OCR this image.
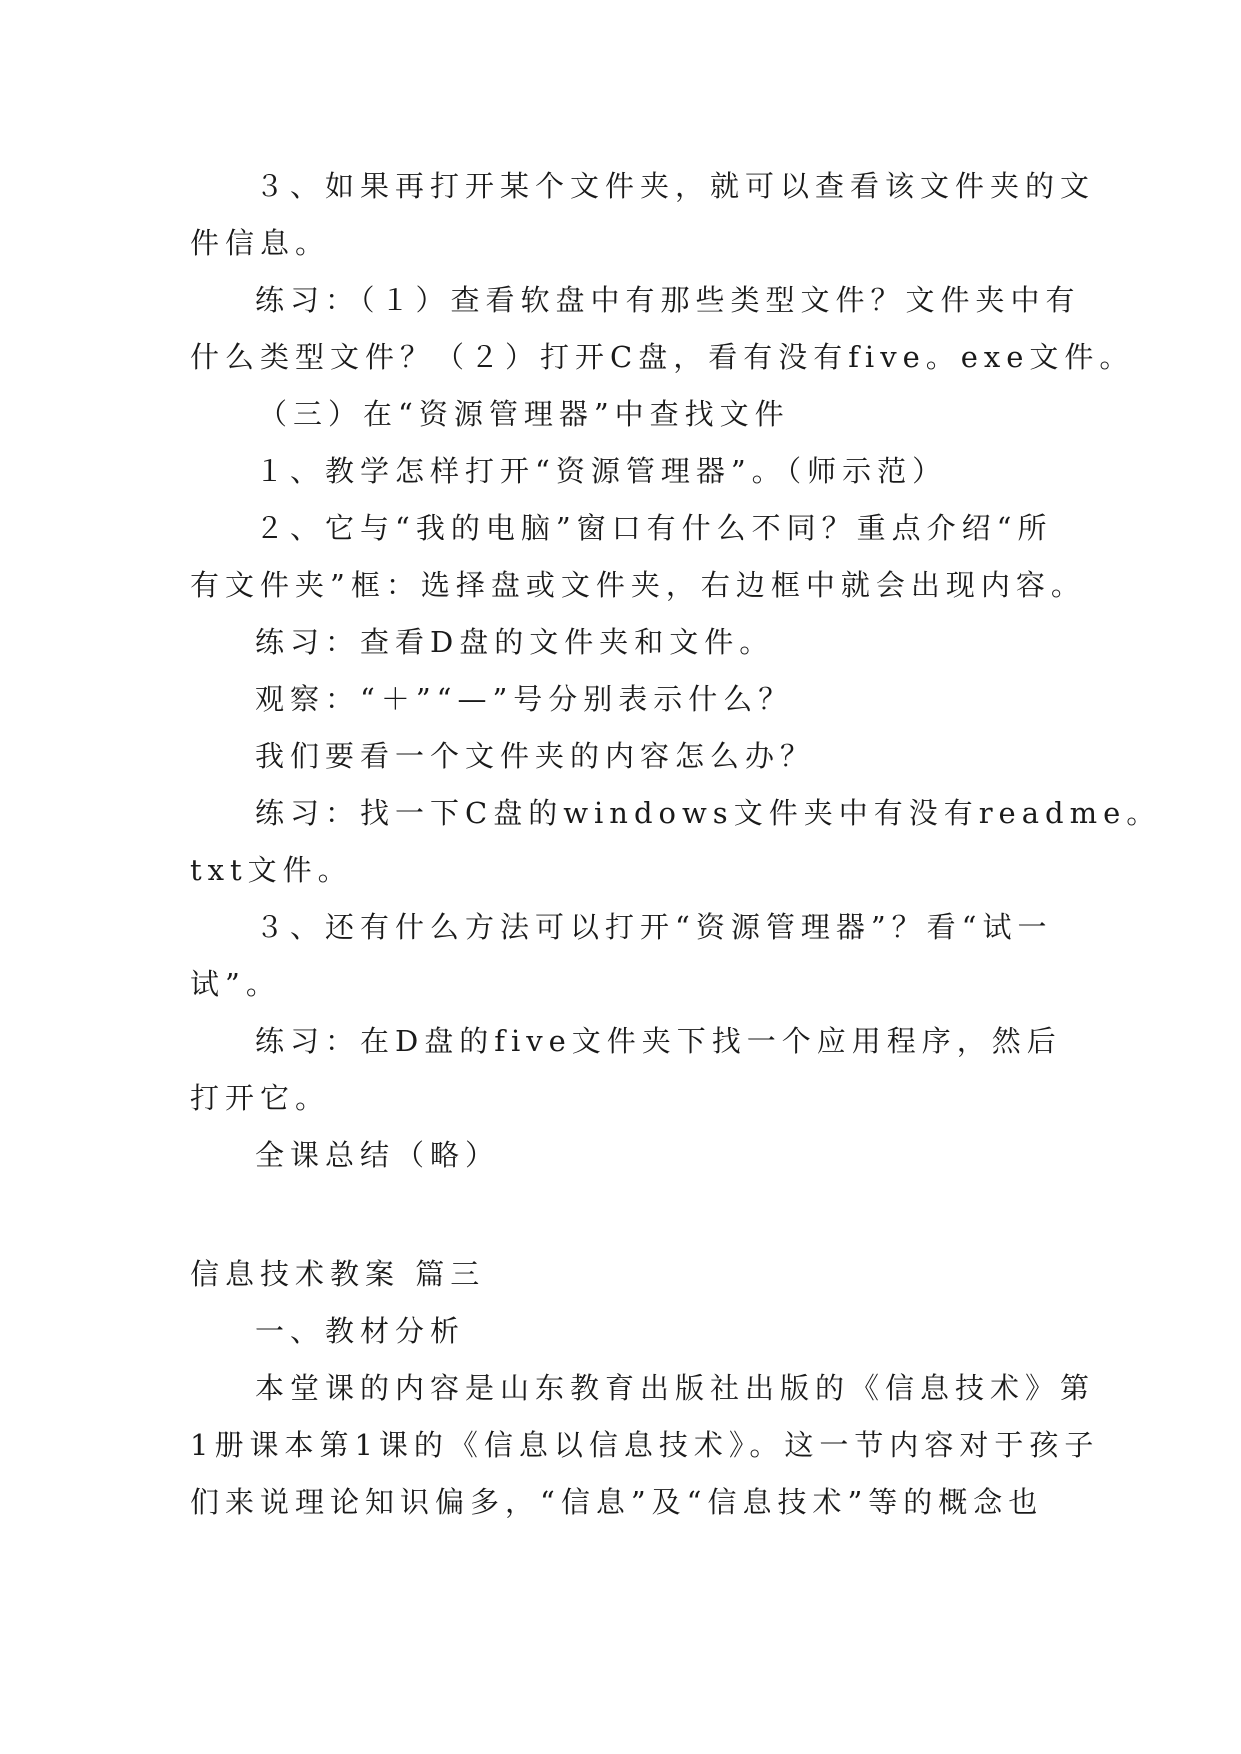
３、如果再打开某个文件夹，就可以查看该文件夹的文
件信息。
练习：（１）查看软盘中有那些类型文件？文件夹中有
什么类型文件？（２）打开C盘，看有没有five。exe文件。
（三）在“资源管理器”中查找文件
１、教学怎样打开“资源管理器”。（师示范）
２、它与“我的电脑”窗口有什么不同？重点介绍“所
有文件夹”框：选择盘或文件夹，右边框中就会出现内容。
练习：查看D盘的文件夹和文件。
观察：“＋”“—”号分别表示什么？
我们要看一个文件夹的内容怎么办？
练习：找一下C盘的windows文件夹中有没有readme。
txt文件。
３、还有什么方法可以打开“资源管理器”？看“试一
试”。
练习：在D盘的five文件夹下找一个应用程序，然后
打开它。
全课总结（略）
信息技术教案 篇三
一、教材分析
本堂课的内容是山东教育出版社出版的《信息技术》第
1册课本第1课的《信息以信息技术》。这一节内容对于孩子
们来说理论知识偏多，“信息”及“信息技术”等的概念也
